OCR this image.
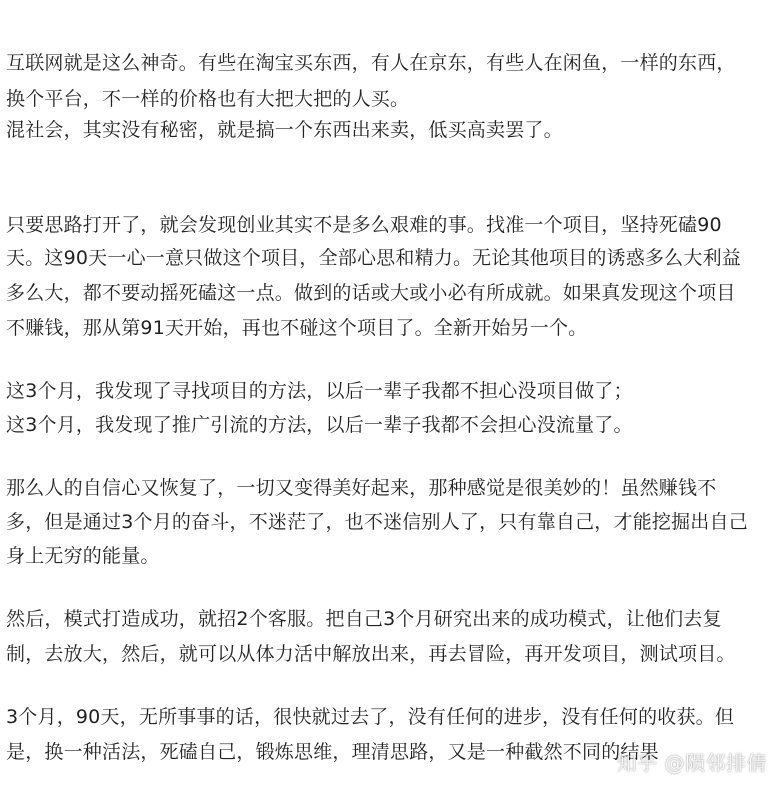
互联网就是这么神奇。有些在淘宝买东西，有人在京东，有些人在闲鱼，一样的东西，
换个平台，不一样的价格也有大把大把的人买。
混社会，其实没有秘密，就是搞一个东西出来卖，低买高卖罢了。
只要思路打开了，就会发现创业其实不是多么艰难的事。找准一个项目，坚持死磕90
天。这90天一心一意只做这个项目，全部心思和精力。无论其他项目的诱惑多么大利益
多么大，都不要动摇死磕这一点。做到的话或大或小必有所成就。如果真发现这个项目
不赚钱，那从第91天开始，再也不碰这个项目了。全新开始另一个。
这3个月，我发现了寻找项目的方法，以后一辈子我都不担心没项目做了；
这3个月，我发现了推广引流的方法，以后一辈子我都不会担心没流量了。
那么人的自信心又恢复了，一切又变得美好起来，那种感觉是很美妙的！虽然赚钱不
多，但是通过3个月的奋斗，不迷茫了，也不迷信别人了，只有靠自己，才能挖掘出自己
身上无穷的能量。
然后，模式打造成功，就招2个客服。把自己3个月研究出来的成功模式，让他们去复
制，去放大，然后，就可以从体力活中解放出来，再去冒险，再开发项目，测试项目。
3个月，90天，无所事事的话，很快就过去了，没有任何的进步，没有任何的收获。但
是，换一种活法，死磕自己，锻炼思维，理清思路，又是一种截然不同的结果
知乎 @陨邻排倩
